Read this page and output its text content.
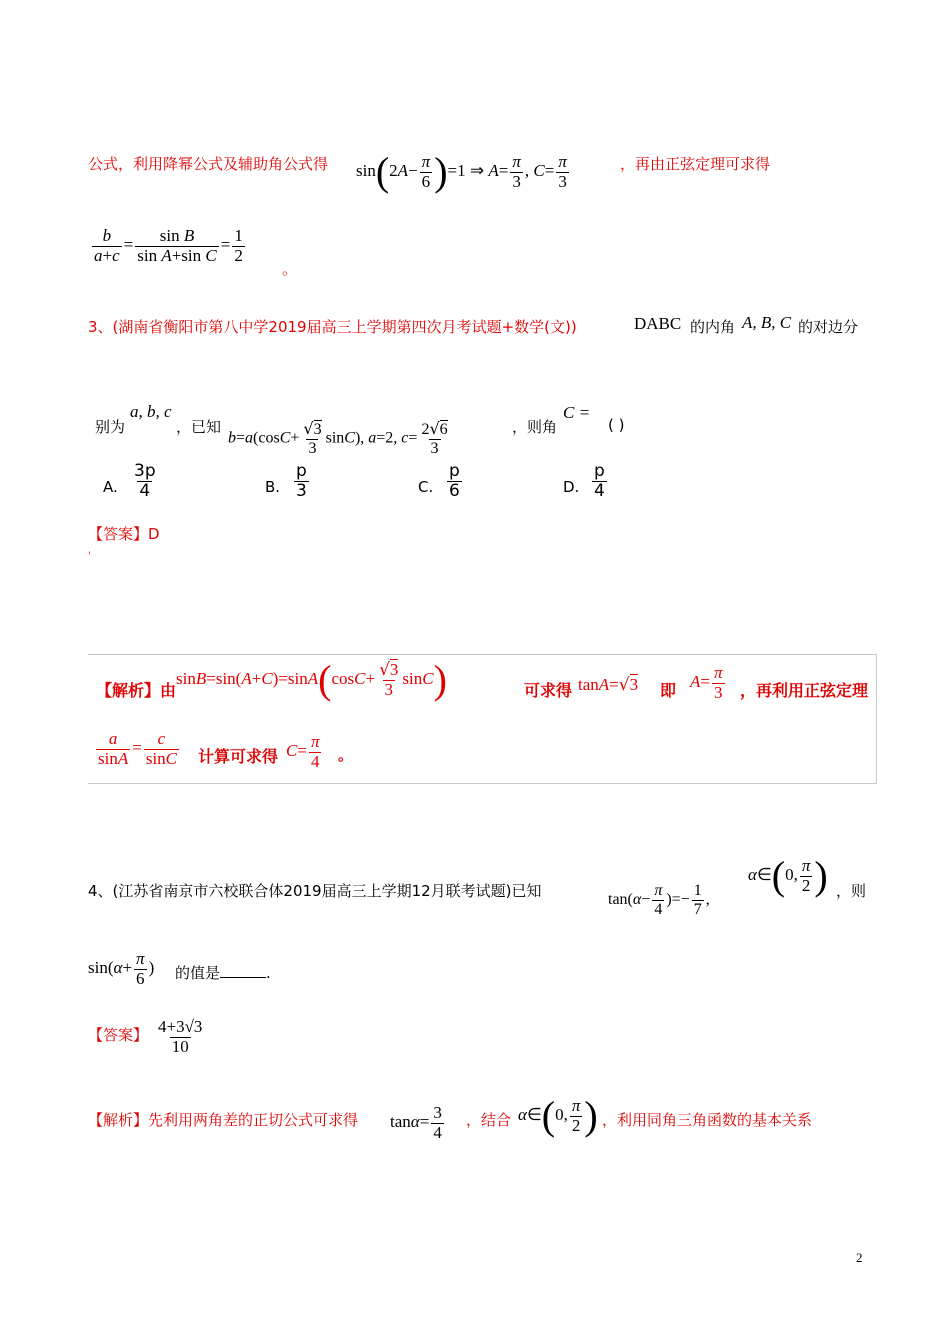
公式，利用降幂公式及辅助角公式得 $\sin(2A- \frac{\pi}{6} )=1$ ⇒ $A= \frac{\pi}{3}$ , $C= \frac{\pi}{3}$	，再由正弦定理可求得
$\frac{b}{a+c} = \frac{\text{sin B}}{\text{sin A+sin C}} = \frac{1}{2}$
。
3、(湖南省衡阳市第八中学2019届高三上学期第四次月考试题+数学(文))	DABC 的内角 A, B, C 的对边分
别为
a, b, c
，已知
$b=a(\cos C+ \frac{√3}{3} \sin C)$, a=2, $c= \frac{2√6}{3}$	，则角
C =
( )
A. $\frac{3p}{4}$	B. $\frac{p}{3}$	C. $\frac{p}{6}$	D. $\frac{p}{4}$
【答案】D
'
【解析】由
$\sin B=\sin(A+C)=\sin A(\cos C+ \frac{√3}{3} \sin C)$	可求得 tanA=√3 即 $A= \frac{\pi}{3}$ ，再利用正弦定理
$\frac{a}{\sin A} = \frac{c}{\sin C}$ 计算可求得 $C= \frac{\pi}{4}$ 。
4、(江苏省南京市六校联合体2019届高三上学期12月联考试题)已知	$\tan(\alpha- \frac{\pi}{4}$ )=− $\frac{1}{7}$ ,
α∈(0, $\frac{\pi}{2}$ ) ，则
$\sin(\alpha+ \frac{\pi}{6}$ ) 的值是	.
【答案】 $\frac{4+3√3}{10}$
【解析】先利用两角差的正切公式可求得 $\tan\alpha= \frac{3}{4}$ ，结合 α∈(0, $\frac{\pi}{2}$ ) ，利用同角三角函数的基本关系
2
